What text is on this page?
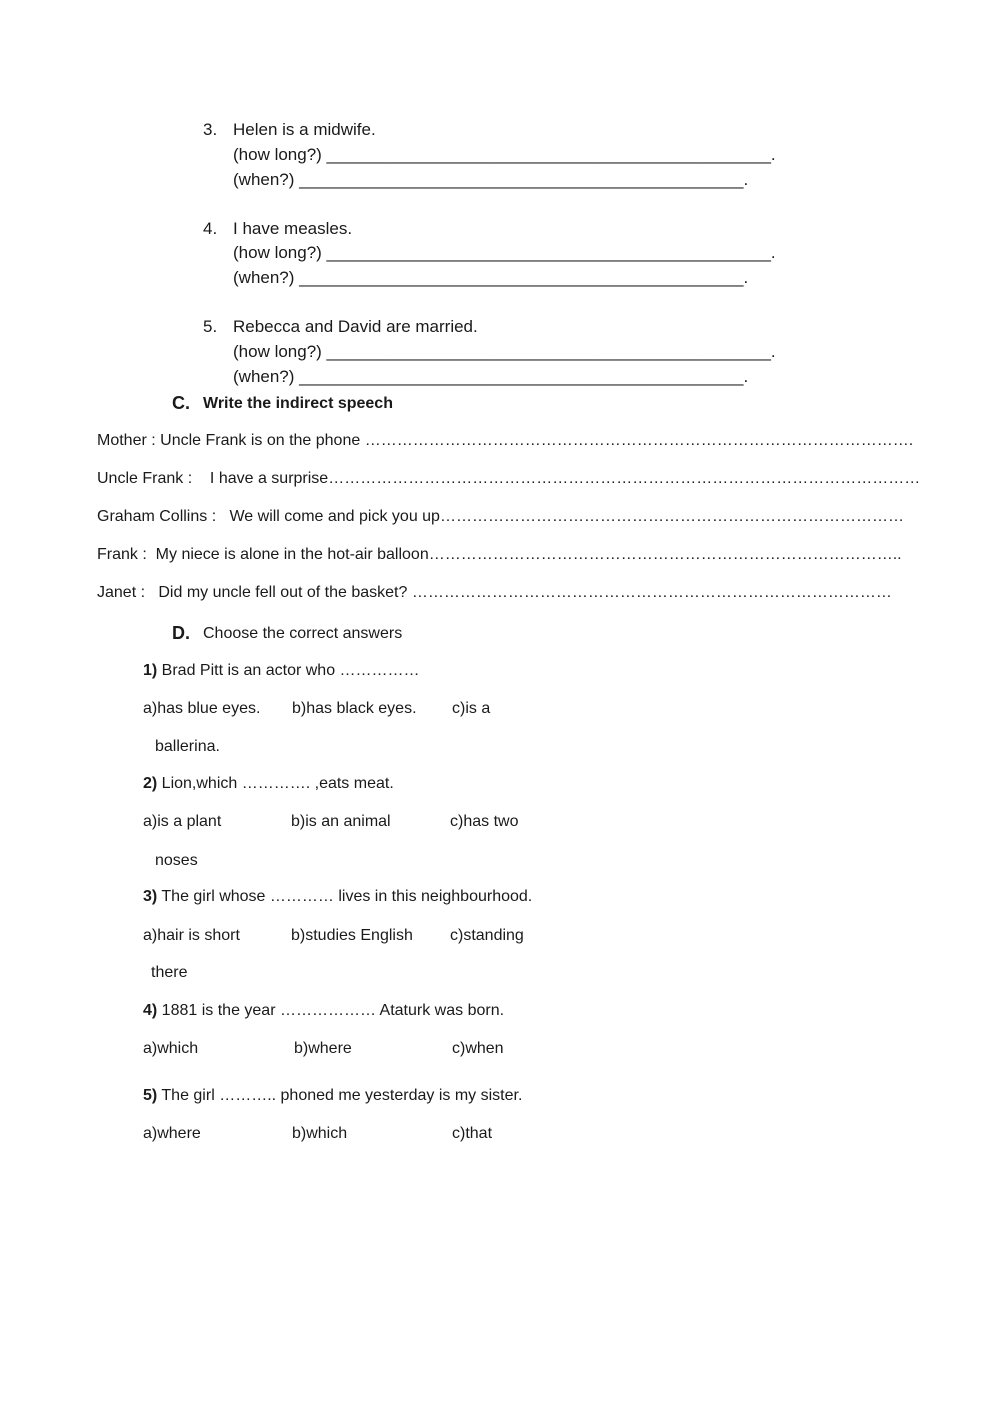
3. Helen is a midwife.
(how long?) _______________________________________________.
(when?) _______________________________________________.
4. I have measles.
(how long?) _______________________________________________.
(when?) _______________________________________________.
5. Rebecca and David are married.
(how long?) _______________________________________________.
(when?) _______________________________________________.
C. Write the indirect speech
Mother : Uncle Frank is on the phone ………………………………………………………………………………………….
Uncle Frank :    I have a surprise…………………………………………………………………………………………………
Graham Collins :   We will come and pick you up……………………………………………………………………………
Frank :  My niece is alone in the hot-air balloon……………………………………………………………………………..
Janet :   Did my uncle fell out of the basket? ………………………………………………………………………………
D. Choose the correct answers
1) Brad Pitt is an actor who ……………
a)has blue eyes. b)has black eyes. c)is a
ballerina.
2) Lion,which …………. ,eats meat.
a)is a plant	b)is an animal	c)has two
noses
3) The girl whose ………… lives in this neighbourhood.
a)hair is short	b)studies English c)standing
there
4) 1881 is the year ……………… Ataturk was born.
a)which	b)where	c)when
5) The girl ……….. phoned me yesterday is my sister.
a)where	b)which	c)that
